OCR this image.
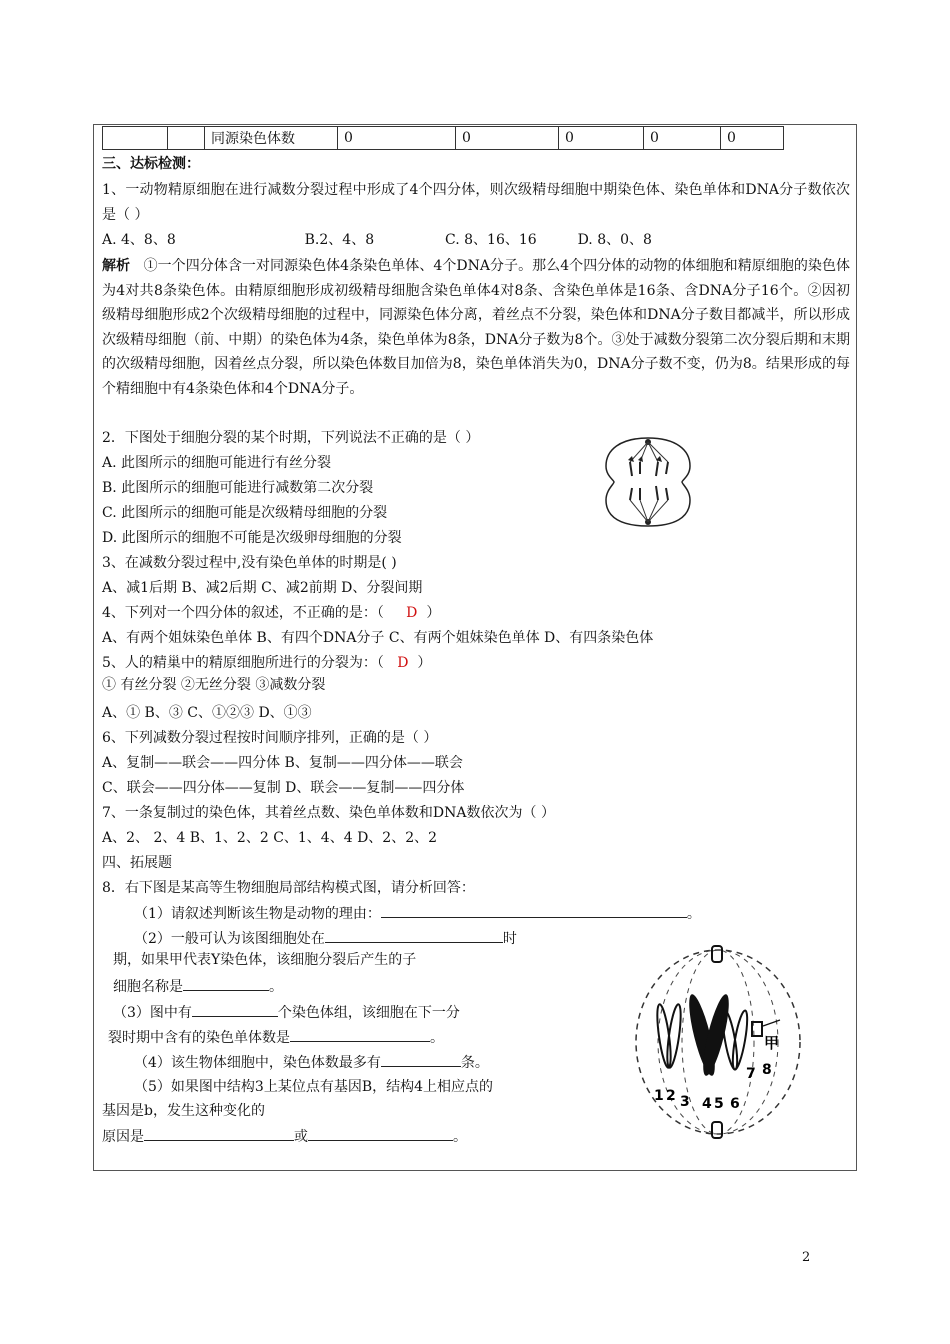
		同源染色体数	0	0	0	0	0
三、达标检测：
1、一动物精原细胞在进行减数分裂过程中形成了4个四分体，则次级精母细胞中期染色体、染色单体和DNA分子数依次是（ ）
A. 4、8、8	B.2、4、8	C. 8、16、16	D. 8、0、8
解析 ①一个四分体含一对同源染色体4条染色单体、4个DNA分子。那么4个四分体的动物的体细胞和精原细胞的染色体为4对共8条染色体。由精原细胞形成初级精母细胞含染色单体4对8条、含染色单体是16条、含DNA分子16个。②因初级精母细胞形成2个次级精母细胞的过程中，同源染色体分离，着丝点不分裂，染色体和DNA分子数目都减半，所以形成次级精母细胞（前、中期）的染色体为4条，染色单体为8条，DNA分子数为8个。③处于减数分裂第二次分裂后期和末期的次级精母细胞，因着丝点分裂，所以染色体数目加倍为8，染色单体消失为0，DNA分子数不变，仍为8。结果形成的每个精细胞中有4条染色体和4个DNA分子。
2．下图处于细胞分裂的某个时期，下列说法不正确的是（ ）
A. 此图所示的细胞可能进行有丝分裂
B. 此图所示的细胞可能进行减数第二次分裂
C. 此图所示的细胞可能是次级精母细胞的分裂
D. 此图所示的细胞不可能是次级卵母细胞的分裂
3、在减数分裂过程中,没有染色单体的时期是( )
A、减1后期 B、减2后期 C、减2前期 D、分裂间期
4、下列对一个四分体的叙述，不正确的是：（ D ）
A、有两个姐妹染色单体 B、有四个DNA分子 C、有两个姐妹染色单体 D、有四条染色体
5、人的精巢中的精原细胞所进行的分裂为：（ D ）
① 有丝分裂 ②无丝分裂 ③减数分裂
A、① B、③ C、①②③ D、①③
6、下列减数分裂过程按时间顺序排列，正确的是（ ）
A、复制——联会——四分体 B、复制——四分体——联会
C、联会——四分体——复制 D、联会——复制——四分体
7、一条复制过的染色体，其着丝点数、染色单体数和DNA数依次为（ ）
A、2、 2、4 B、1、2、2 C、1、4、4 D、2、2、2
四、拓展题
8．右下图是某高等生物细胞局部结构模式图，请分析回答：
（1）请叙述判断该生物是动物的理由：	。
（2）一般可认为该图细胞处在	时
期，如果甲代表Y染色体，该细胞分裂后产生的子
细胞名称是	。
（3）图中有	个染色体组，该细胞在下一分
裂时期中含有的染色单体数是	。
（4）该生物体细胞中，染色体数最多有	条。
（5）如果图中结构3上某位点有基因B，结构4上相应点的
基因是b，发生这种变化的
原因是	或	。
1 2 3 4 5 6
7 8
甲
2
